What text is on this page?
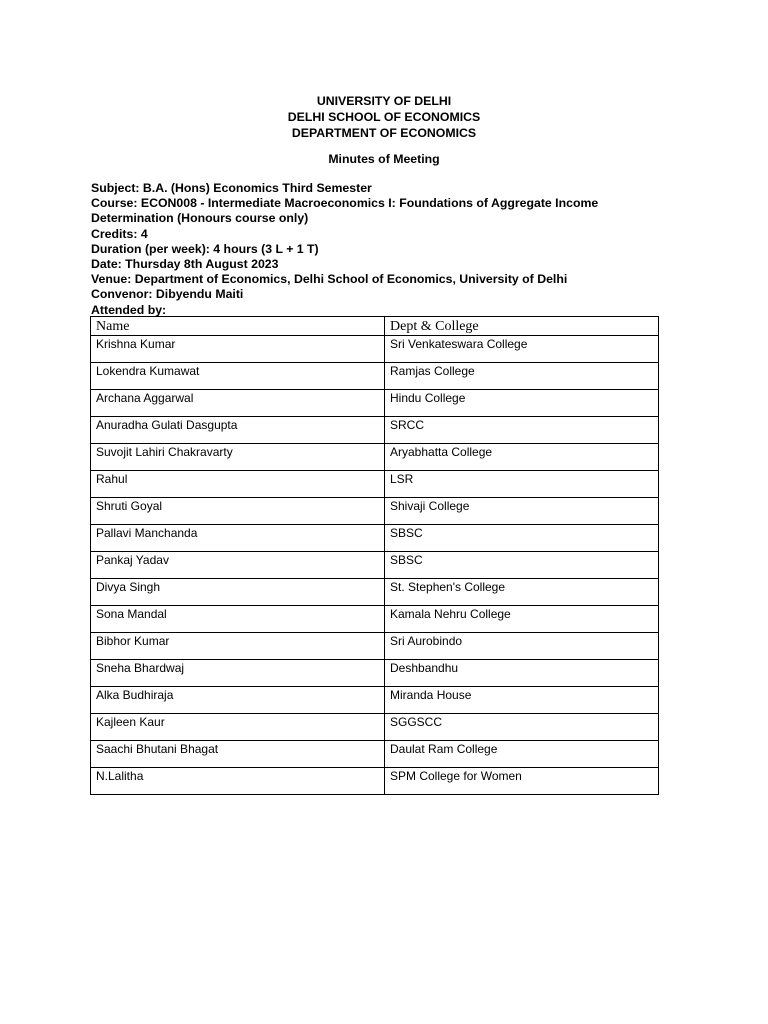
UNIVERSITY OF DELHI
DELHI SCHOOL OF ECONOMICS
DEPARTMENT OF ECONOMICS
Minutes of Meeting
Subject: B.A. (Hons) Economics Third Semester
Course: ECON008 - Intermediate Macroeconomics I: Foundations of Aggregate Income
Determination (Honours course only)
Credits: 4
Duration (per week): 4 hours (3 L + 1 T)
Date: Thursday 8th August 2023
Venue: Department of Economics, Delhi School of Economics, University of Delhi
Convenor: Dibyendu Maiti
Attended by:
Name	Dept & College
Krishna Kumar	Sri Venkateswara College
Lokendra Kumawat	Ramjas College
Archana Aggarwal	Hindu College
Anuradha Gulati Dasgupta	SRCC
Suvojit Lahiri Chakravarty	Aryabhatta College
Rahul	LSR
Shruti Goyal	Shivaji College
Pallavi Manchanda	SBSC
Pankaj Yadav	SBSC
Divya Singh	St. Stephen's College
Sona Mandal	Kamala Nehru College
Bibhor Kumar	Sri Aurobindo
Sneha Bhardwaj	Deshbandhu
Alka Budhiraja	Miranda House
Kajleen Kaur	SGGSCC
Saachi Bhutani Bhagat	Daulat Ram College
N.Lalitha	SPM College for Women
